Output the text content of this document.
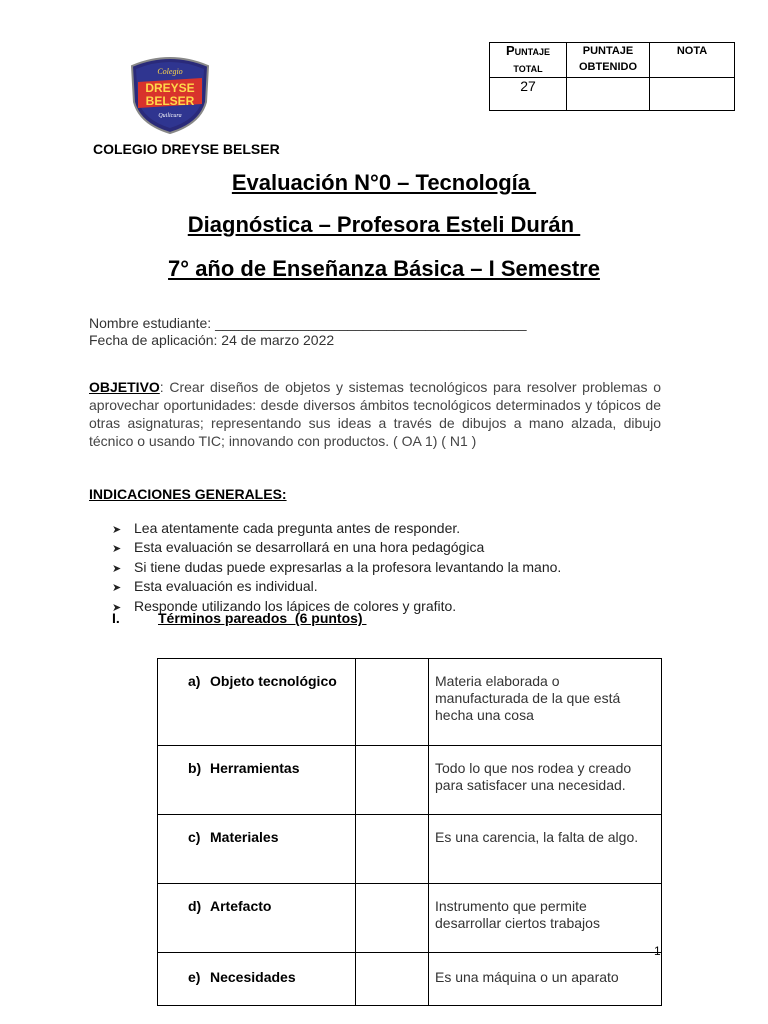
Colegio
DREYSE
BELSER
Quilicura
COLEGIO DREYSE BELSER
Puntaje total	PUNTAJE OBTENIDO	NOTA
27		
Evaluación N°0 – Tecnología
Diagnóstica – Profesora Esteli Durán
7° año de Enseñanza Básica – I Semestre
Nombre estudiante: ________________________________________
Fecha de aplicación: 24 de marzo 2022
OBJETIVO: Crear diseños de objetos y sistemas tecnológicos para resolver problemas o aprovechar oportunidades: desde diversos ámbitos tecnológicos determinados y tópicos de otras asignaturas; representando sus ideas a través de dibujos a mano alzada, dibujo técnico o usando TIC; innovando con productos. ( OA 1) ( N1 )
INDICACIONES GENERALES:
➤ Lea atentamente cada pregunta antes de responder.
➤ Esta evaluación se desarrollará en una hora pedagógica
➤ Si tiene dudas puede expresarlas a la profesora levantando la mano.
➤ Esta evaluación es individual.
➤ Responde utilizando los lápices de colores y grafito.
I.	Términos pareados  (6 puntos)
a) Objeto tecnológico		Materia elaborada o manufacturada de la que está hecha una cosa
b) Herramientas		Todo lo que nos rodea y creado para satisfacer una necesidad.
c) Materiales		Es una carencia, la falta de algo.
d) Artefacto		Instrumento que permite desarrollar ciertos trabajos
e) Necesidades		Es una máquina o un aparato
1
